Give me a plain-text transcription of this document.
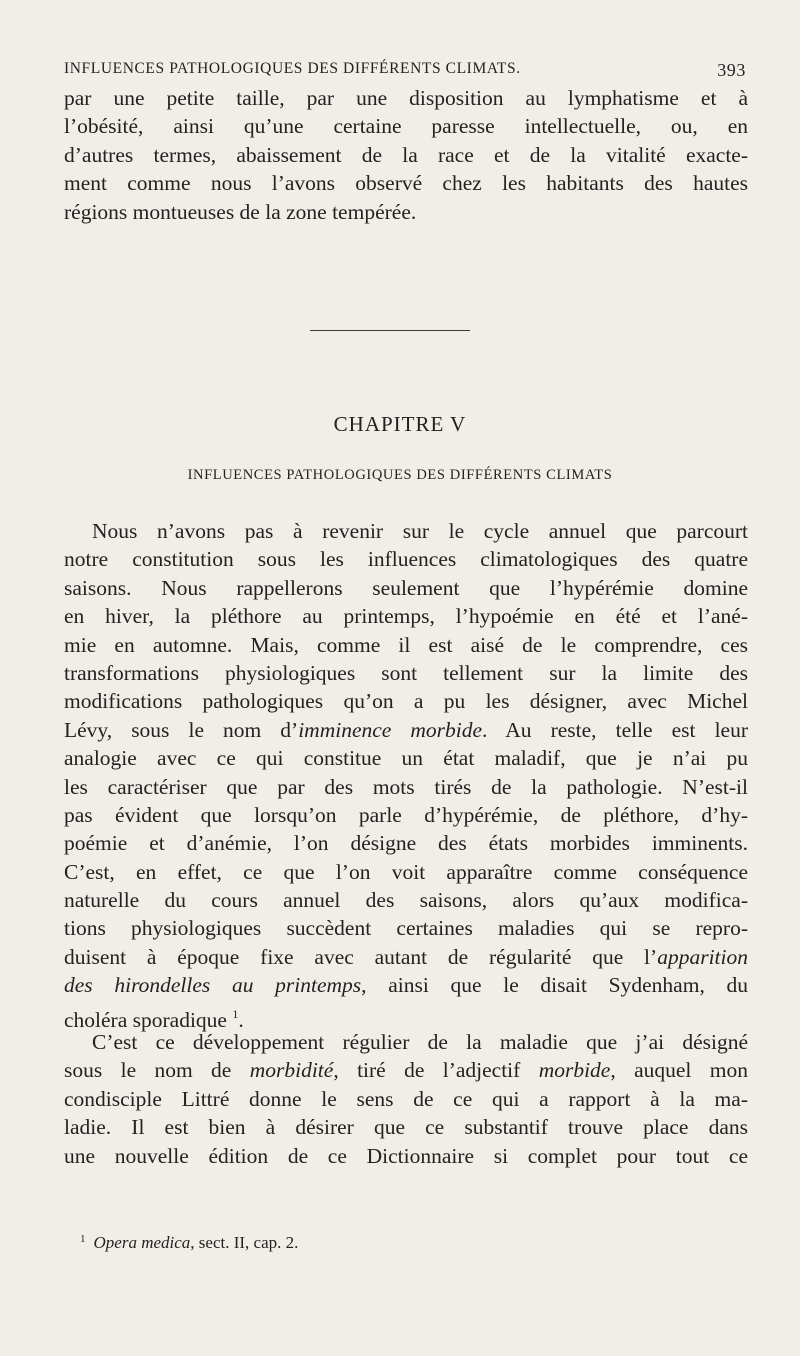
INFLUENCES PATHOLOGIQUES DES DIFFÉRENTS CLIMATS.	393
par une petite taille, par une disposition au lymphatisme et à
l’obésité, ainsi qu’une certaine paresse intellectuelle, ou, en
d’autres termes, abaissement de la race et de la vitalité exacte-
ment comme nous l’avons observé chez les habitants des hautes
régions montueuses de la zone tempérée.
CHAPITRE V
INFLUENCES PATHOLOGIQUES DES DIFFÉRENTS CLIMATS
Nous n’avons pas à revenir sur le cycle annuel que parcourt
notre constitution sous les influences climatologiques des quatre
saisons. Nous rappellerons seulement que l’hypérémie domine
en hiver, la pléthore au printemps, l’hypoémie en été et l’ané-
mie en automne. Mais, comme il est aisé de le comprendre, ces
transformations physiologiques sont tellement sur la limite des
modifications pathologiques qu’on a pu les désigner, avec Michel
Lévy, sous le nom d’imminence morbide. Au reste, telle est leur
analogie avec ce qui constitue un état maladif, que je n’ai pu
les caractériser que par des mots tirés de la pathologie. N’est-il
pas évident que lorsqu’on parle d’hypérémie, de pléthore, d’hy-
poémie et d’anémie, l’on désigne des états morbides imminents.
C’est, en effet, ce que l’on voit apparaître comme conséquence
naturelle du cours annuel des saisons, alors qu’aux modifica-
tions physiologiques succèdent certaines maladies qui se repro-
duisent à époque fixe avec autant de régularité que l’apparition
des hirondelles au printemps, ainsi que le disait Sydenham, du
choléra sporadique $^1$.
C’est ce développement régulier de la maladie que j’ai désigné
sous le nom de morbidité, tiré de l’adjectif morbide, auquel mon
condisciple Littré donne le sens de ce qui a rapport à la ma-
ladie. Il est bien à désirer que ce substantif trouve place dans
une nouvelle édition de ce Dictionnaire si complet pour tout ce
$^1$ Opera medica, sect. II, cap. 2.
